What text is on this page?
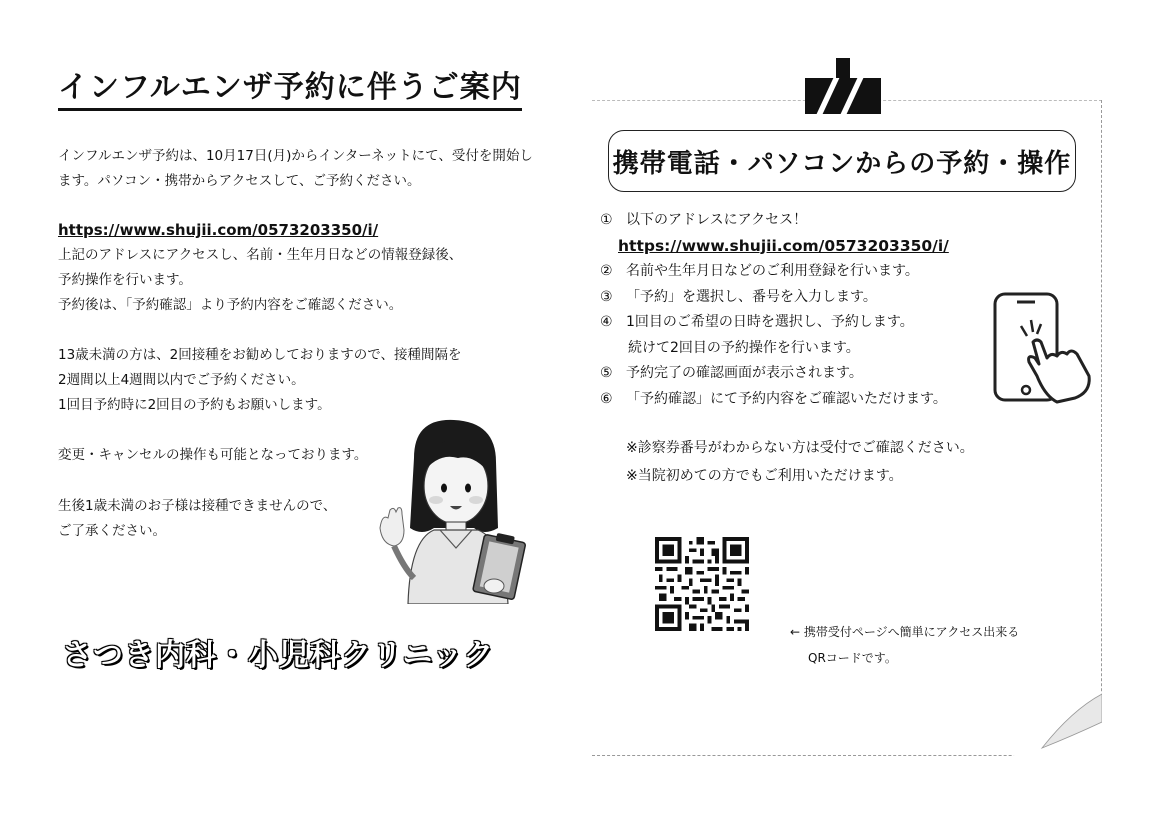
インフルエンザ予約に伴うご案内
インフルエンザ予約は、10月17日(月)からインターネットにて、受付を開始し
ます。パソコン・携帯からアクセスして、ご予約ください。
https://www.shujii.com/0573203350/i/
上記のアドレスにアクセスし、名前・生年月日などの情報登録後、
予約操作を行います。
予約後は、「予約確認」より予約内容をご確認ください。
13歳未満の方は、2回接種をお勧めしておりますので、接種間隔を
2週間以上4週間以内でご予約ください。
1回目予約時に2回目の予約もお願いします。
変更・キャンセルの操作も可能となっております。
生後1歳未満のお子様は接種できませんので、
ご了承ください。
さつき内科・小児科クリニック
携帯電話・パソコンからの予約・操作
① 以下のアドレスにアクセス！
https://www.shujii.com/0573203350/i/
② 名前や生年月日などのご利用登録を行います。
③ 「予約」を選択し、番号を入力します。
④ 1回目のご希望の日時を選択し、予約します。
続けて2回目の予約操作を行います。
⑤ 予約完了の確認画面が表示されます。
⑥ 「予約確認」にて予約内容をご確認いただけます。
※診察券番号がわからない方は受付でご確認ください。
※当院初めての方でもご利用いただけます。
← 携帯受付ページへ簡単にアクセス出来る
QRコードです。
